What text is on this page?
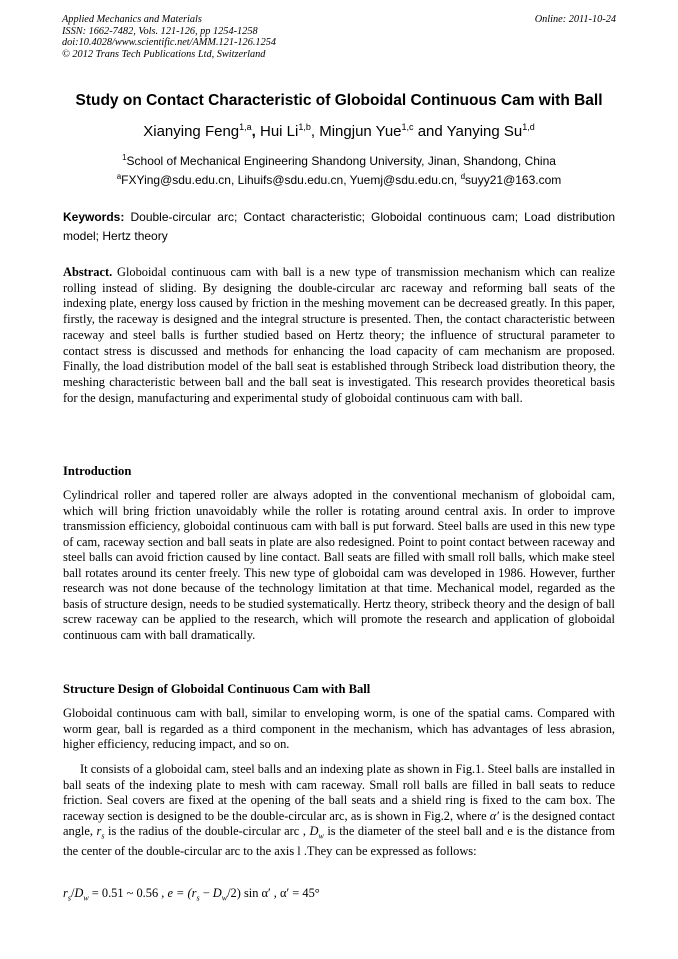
Applied Mechanics and Materials
ISSN: 1662-7482, Vols. 121-126, pp 1254-1258
doi:10.4028/www.scientific.net/AMM.121-126.1254
© 2012 Trans Tech Publications Ltd, Switzerland
Online: 2011-10-24
Study on Contact Characteristic of Globoidal Continuous Cam with Ball
Xianying Feng$^{1,a}$, Hui Li$^{1,b}$, Mingjun Yue$^{1,c}$ and Yanying Su$^{1,d}$
$^1$School of Mechanical Engineering Shandong University, Jinan, Shandong, China
$^a$FXYing@sdu.edu.cn, Lihuifs@sdu.edu.cn, Yuemj@sdu.edu.cn, $^d$suyy21@163.com
Keywords: Double-circular arc; Contact characteristic; Globoidal continuous cam; Load distribution model; Hertz theory
Abstract. Globoidal continuous cam with ball is a new type of transmission mechanism which can realize rolling instead of sliding. By designing the double-circular arc raceway and reforming ball seats of the indexing plate, energy loss caused by friction in the meshing movement can be decreased greatly. In this paper, firstly, the raceway is designed and the integral structure is presented. Then, the contact characteristic between raceway and steel balls is further studied based on Hertz theory; the influence of structural parameter to contact stress is discussed and methods for enhancing the load capacity of cam mechanism are proposed. Finally, the load distribution model of the ball seat is established through Stribeck load distribution theory, the meshing characteristic between ball and the ball seat is investigated. This research provides theoretical basis for the design, manufacturing and experimental study of globoidal continuous cam with ball.
Introduction
Cylindrical roller and tapered roller are always adopted in the conventional mechanism of globoidal cam, which will bring friction unavoidably while the roller is rotating around central axis. In order to improve transmission efficiency, globoidal continuous cam with ball is put forward. Steel balls are used in this new type of cam, raceway section and ball seats in plate are also redesigned. Point to point contact between raceway and steel balls can avoid friction caused by line contact. Ball seats are filled with small roll balls, which make steel ball rotates around its center freely. This new type of globoidal cam was developed in 1986. However, further research was not done because of the technology limitation at that time. Mechanical model, regarded as the basis of structure design, needs to be studied systematically. Hertz theory, stribeck theory and the design of ball screw raceway can be applied to the research, which will promote the research and application of globoidal continuous cam with ball dramatically.
Structure Design of Globoidal Continuous Cam with Ball
Globoidal continuous cam with ball, similar to enveloping worm, is one of the spatial cams. Compared with worm gear, ball is regarded as a third component in the mechanism, which has advantages of less abrasion, higher efficiency, reducing impact, and so on.
It consists of a globoidal cam, steel balls and an indexing plate as shown in Fig.1. Steel balls are installed in ball seats of the indexing plate to mesh with cam raceway. Small roll balls are filled in ball seats to reduce friction. Seal covers are fixed at the opening of the ball seats and a shield ring is fixed to the cam box. The raceway section is designed to be the double-circular arc, as is shown in Fig.2, where α′ is the designed contact angle, $r_s$ is the radius of the double-circular arc , $D_w$ is the diameter of the steel ball and e is the distance from the center of the double-circular arc to the axis l .They can be expressed as follows:
$r_s/D_w = 0.51$ ~ 0.56 , $e = (r_s - D_w/2)$ sin α′ , α′ = 45°
